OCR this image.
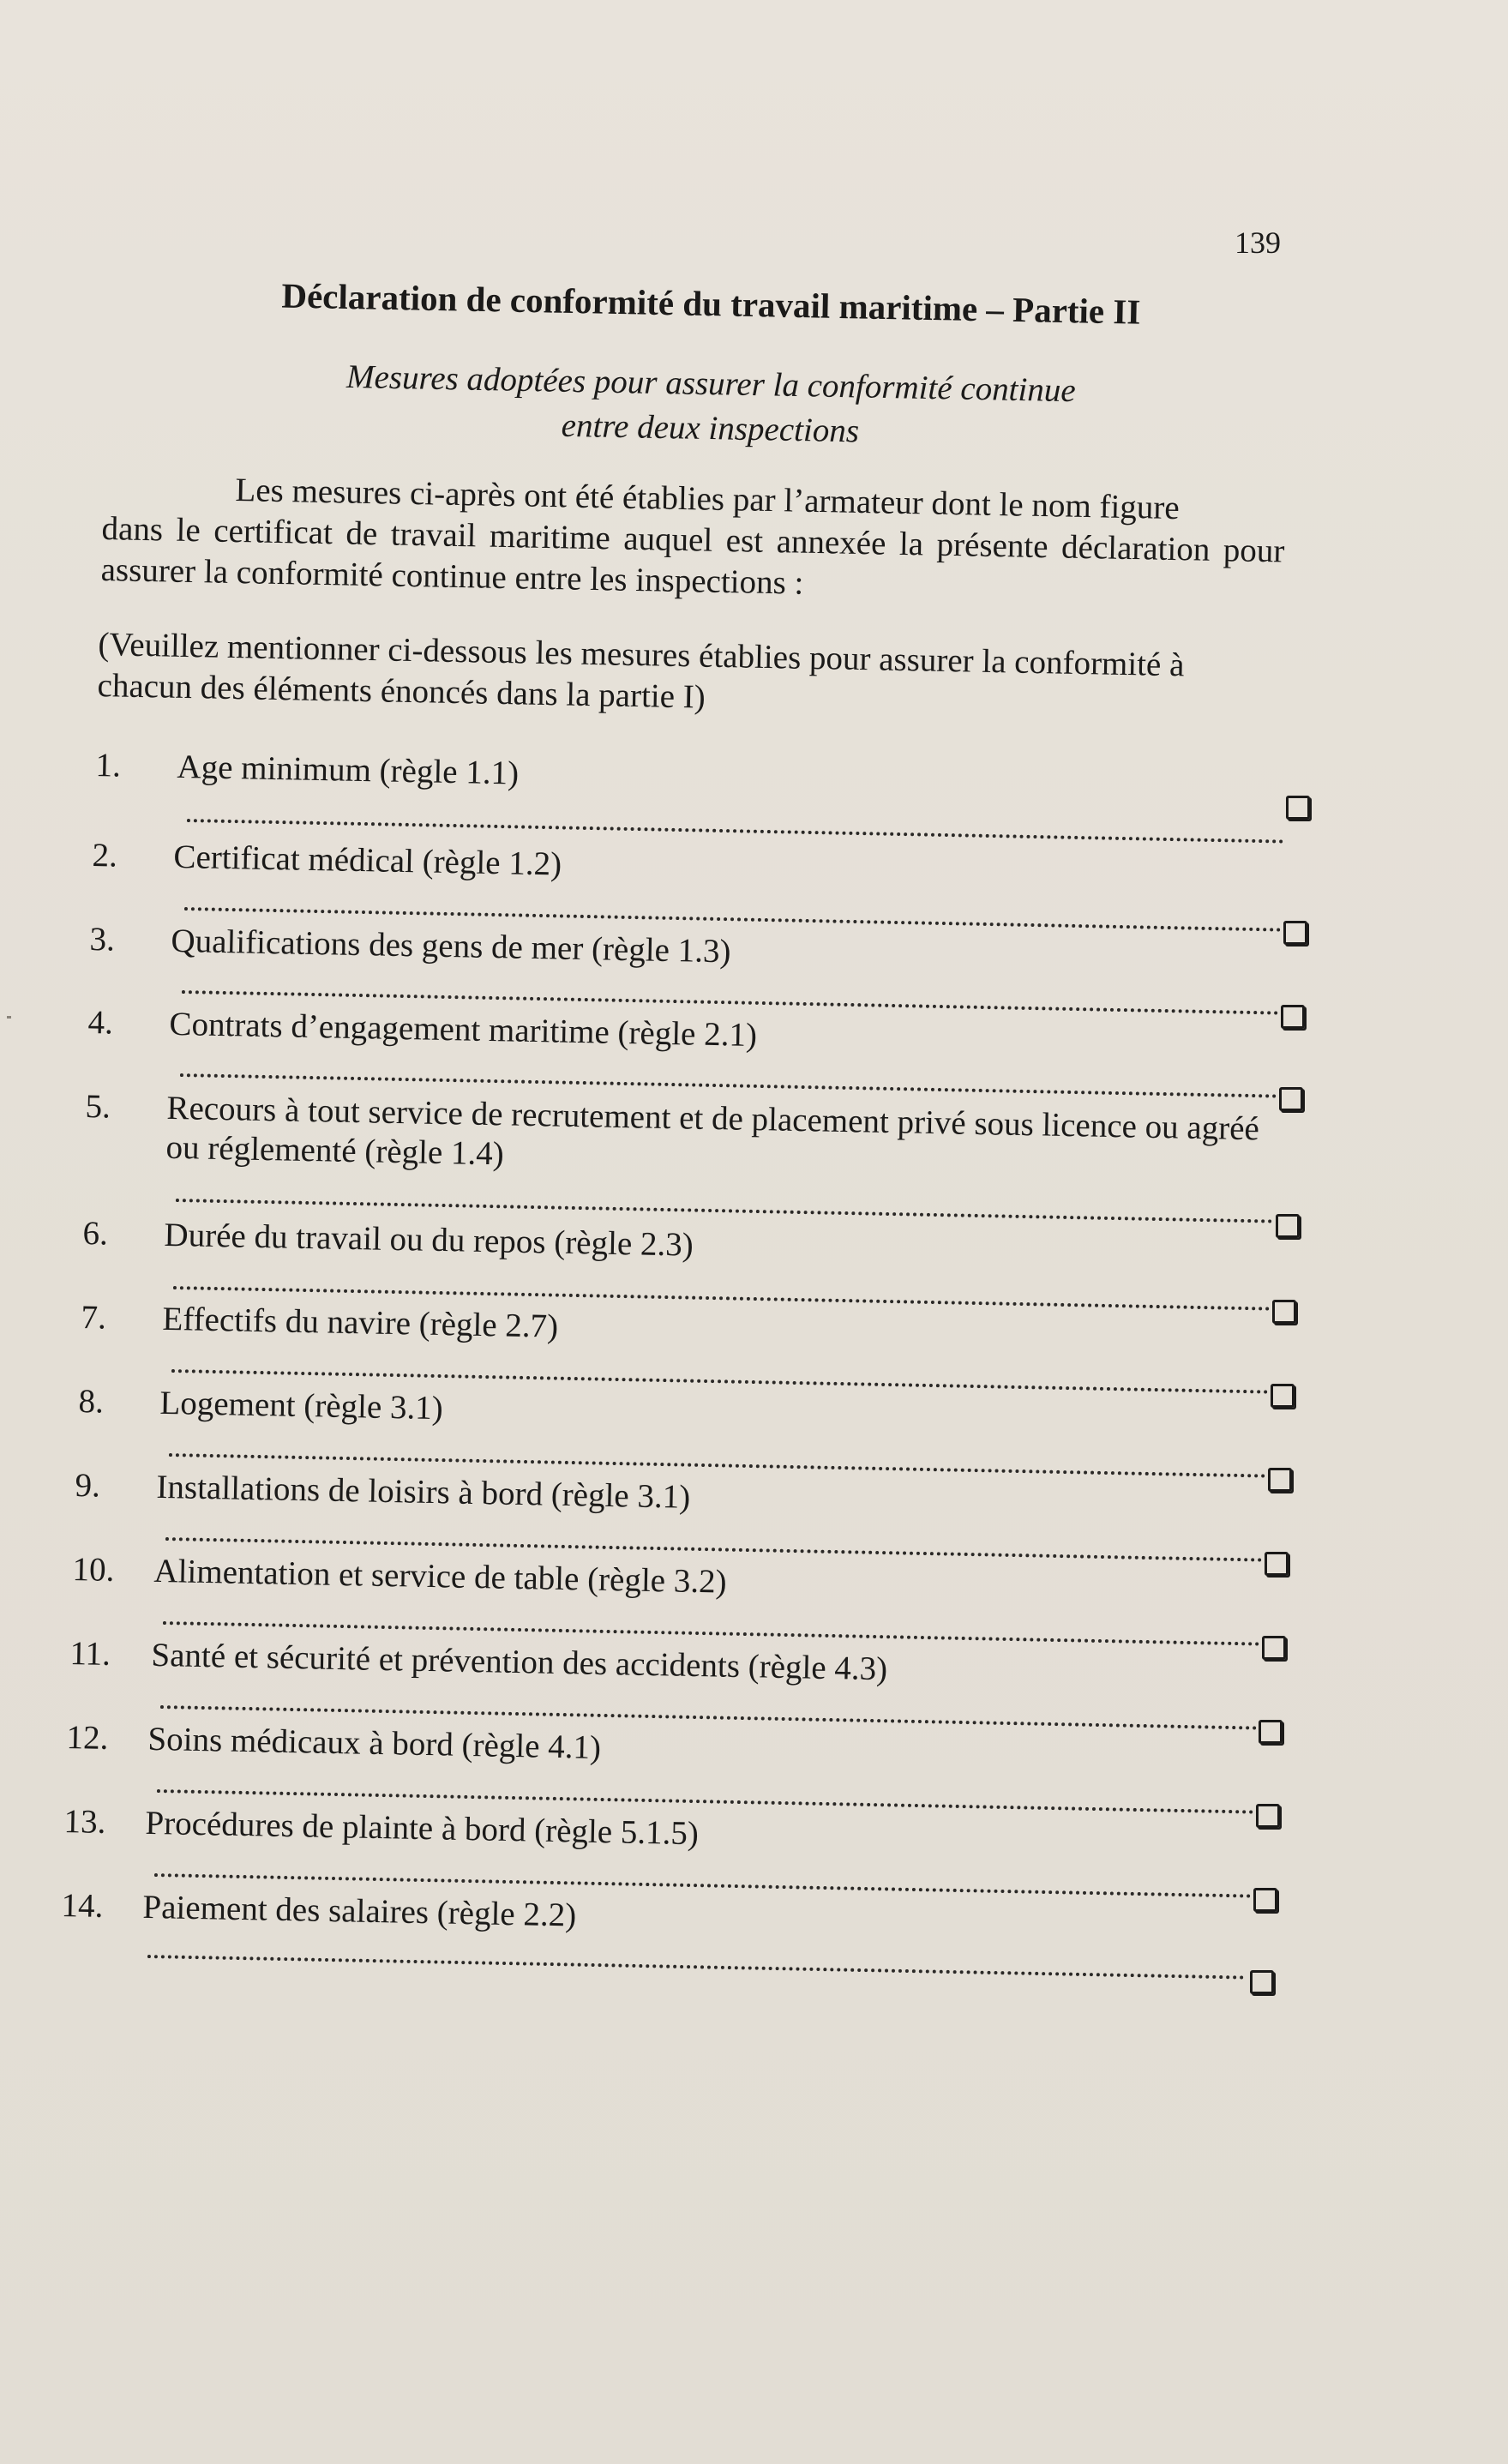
139
Déclaration de conformité du travail maritime – Partie II
Mesures adoptées pour assurer la conformité continue
entre deux inspections
Les mesures ci-après ont été établies par l’armateur dont le nom figure
dans le certificat de travail maritime auquel est annexée la présente déclaration pour assurer la conformité continue entre les inspections :
(Veuillez mentionner ci-dessous les mesures établies pour assurer la conformité à chacun des éléments énoncés dans la partie I)
1. Age minimum (règle 1.1)
2. Certificat médical (règle 1.2)
3. Qualifications des gens de mer (règle 1.3)
4. Contrats d’engagement maritime (règle 2.1)
5. Recours à tout service de recrutement et de placement privé sous licence ou agréé ou réglementé (règle 1.4)
6. Durée du travail ou du repos (règle 2.3)
7. Effectifs du navire (règle 2.7)
8. Logement (règle 3.1)
9. Installations de loisirs à bord (règle 3.1)
10. Alimentation et service de table (règle 3.2)
11. Santé et sécurité et prévention des accidents (règle 4.3)
12. Soins médicaux à bord (règle 4.1)
13. Procédures de plainte à bord (règle 5.1.5)
14. Paiement des salaires (règle 2.2)
